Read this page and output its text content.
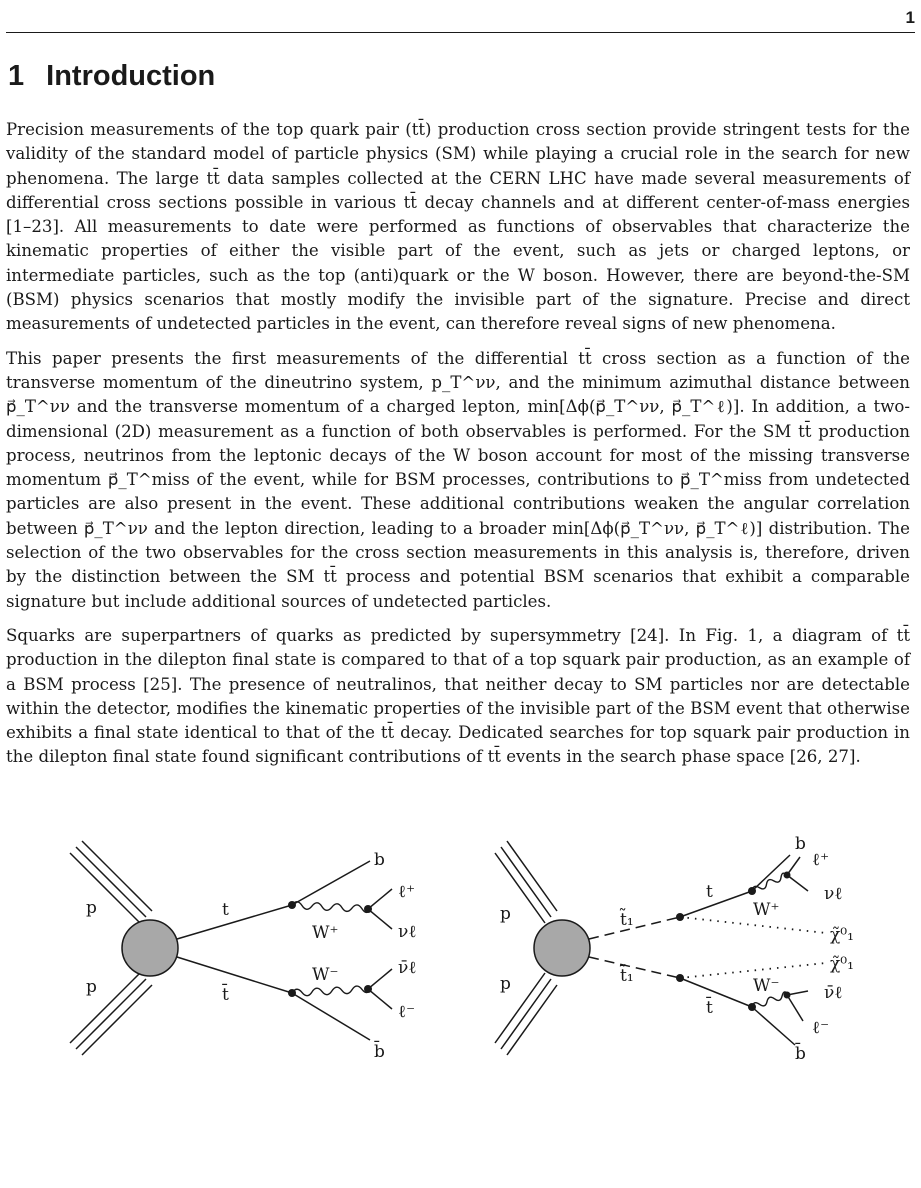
1
1 Introduction

Precision measurements of the top quark pair (tt̄) production cross section provide stringent tests for the validity of the standard model of particle physics (SM) while playing a crucial role in the search for new phenomena. The large tt̄ data samples collected at the CERN LHC have made several measurements of differential cross sections possible in various tt̄ decay channels and at different center-of-mass energies [1–23]. All measurements to date were performed as functions of observables that characterize the kinematic properties of either the visible part of the event, such as jets or charged leptons, or intermediate particles, such as the top (anti)quark or the W boson. However, there are beyond-the-SM (BSM) physics scenarios that mostly modify the invisible part of the signature. Precise and direct measurements of undetected particles in the event, can therefore reveal signs of new phenomena.

This paper presents the first measurements of the differential tt̄ cross section as a function of the transverse momentum of the dineutrino system, p_T^νν, and the minimum azimuthal distance between p⃗_T^νν and the transverse momentum of a charged lepton, min[Δϕ(p⃗_T^νν, p⃗_T^ℓ)]. In addition, a two-dimensional (2D) measurement as a function of both observables is performed. For the SM tt̄ production process, neutrinos from the leptonic decays of the W boson account for most of the missing transverse momentum p⃗_T^miss of the event, while for BSM processes, contributions to p⃗_T^miss from undetected particles are also present in the event. These additional contributions weaken the angular correlation between p⃗_T^νν and the lepton direction, leading to a broader min[Δϕ(p⃗_T^νν, p⃗_T^ℓ)] distribution. The selection of the two observables for the cross section measurements in this analysis is, therefore, driven by the distinction between the SM tt̄ process and potential BSM scenarios that exhibit a comparable signature but include additional sources of undetected particles.

Squarks are superpartners of quarks as predicted by supersymmetry [24]. In Fig. 1, a diagram of tt̄ production in the dilepton final state is compared to that of a top squark pair production, as an example of a BSM process [25]. The presence of neutralinos, that neither decay to SM particles nor are detectable within the detector, modifies the kinematic properties of the invisible part of the BSM event that otherwise exhibits a final state identical to that of the tt̄ decay. Dedicated searches for top squark pair production in the dilepton final state found significant contributions of tt̄ events in the search phase space [26, 27].

p
p
t
t̄
W⁺
W⁻
b
b̄
ℓ⁺
νℓ
ν̄ℓ
ℓ⁻
p
p
t̃₁
t̃̄₁
t
t̄
W⁺
W⁻
b
b̄
ℓ⁺
νℓ
χ̃⁰₁
χ̃⁰₁
ν̄ℓ
ℓ⁻
